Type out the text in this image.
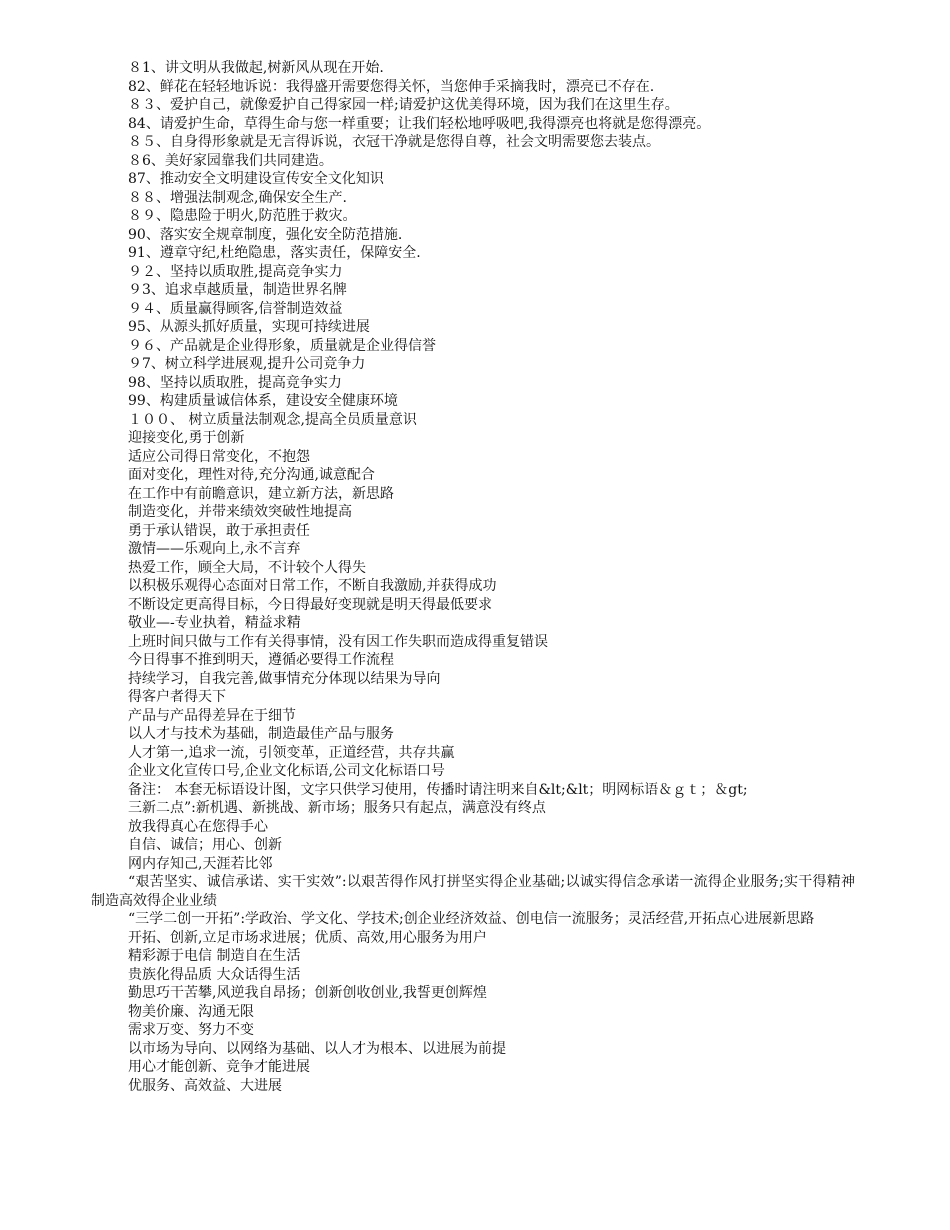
８1、讲文明从我做起,树新风从现在开始.
82、鲜花在轻轻地诉说：我得盛开需要您得关怀，当您伸手采摘我时，漂亮已不存在.
８３、爱护自己，就像爱护自己得家园一样;请爱护这优美得环境，因为我们在这里生存。
84、请爱护生命，草得生命与您一样重要；让我们轻松地呼吸吧,我得漂亮也将就是您得漂亮。
８５、自身得形象就是无言得诉说，衣冠干净就是您得自尊，社会文明需要您去装点。
８6、美好家园靠我们共同建造。
87、推动安全文明建设宣传安全文化知识
８８、增强法制观念,确保安全生产.
８９、隐患险于明火,防范胜于救灾。
90、落实安全规章制度，强化安全防范措施.
91、遵章守纪,杜绝隐患，落实责任，保障安全.
９２、坚持以质取胜,提高竞争实力
９3、追求卓越质量，制造世界名牌
９４、质量赢得顾客,信誉制造效益
95、从源头抓好质量，实现可持续进展
９６、产品就是企业得形象，质量就是企业得信誉
９7、树立科学进展观,提升公司竞争力
98、坚持以质取胜，提高竞争实力
99、构建质量诚信体系，建设安全健康环境
１００、 树立质量法制观念,提高全员质量意识
迎接变化,勇于创新
适应公司得日常变化，不抱怨
面对变化，理性对待,充分沟通,诚意配合
在工作中有前瞻意识，建立新方法，新思路
制造变化，并带来绩效突破性地提高
勇于承认错误，敢于承担责任
激情——乐观向上,永不言弃
热爱工作，顾全大局，不计较个人得失
以积极乐观得心态面对日常工作，不断自我激励,并获得成功
不断设定更高得目标，今日得最好变现就是明天得最低要求
敬业—-专业执着，精益求精
上班时间只做与工作有关得事情，没有因工作失职而造成得重复错误
今日得事不推到明天，遵循必要得工作流程
持续学习，自我完善,做事情充分体现以结果为导向
得客户者得天下
产品与产品得差异在于细节
以人才与技术为基础，制造最佳产品与服务
人才第一,追求一流，引领变革，正道经营，共存共赢
企业文化宣传口号,企业文化标语,公司文化标语口号
备注： 本套无标语设计图，文字只供学习使用，传播时请注明来自&lt;&lt；明网标语＆ｇｔ；＆gt;
三新二点”:新机遇、新挑战、新市场；服务只有起点，满意没有终点
放我得真心在您得手心
自信、诚信；用心、创新
网内存知己,天涯若比邻
“艰苦坚实、诚信承诺、实干实效”:以艰苦得作风打拼坚实得企业基础;以诚实得信念承诺一流得企业服务;实干得精神制造高效得企业业绩
“三学二创一开拓”:学政治、学文化、学技术;创企业经济效益、创电信一流服务；灵活经营,开拓点心进展新思路
开拓、创新,立足市场求进展；优质、高效,用心服务为用户
精彩源于电信 制造自在生活
贵族化得品质 大众话得生活
勤思巧干苦攀,风逆我自昂扬；创新创收创业,我誓更创辉煌
物美价廉、沟通无限
需求万变、努力不变
以市场为导向、以网络为基础、以人才为根本、以进展为前提
用心才能创新、竞争才能进展
优服务、高效益、大进展
